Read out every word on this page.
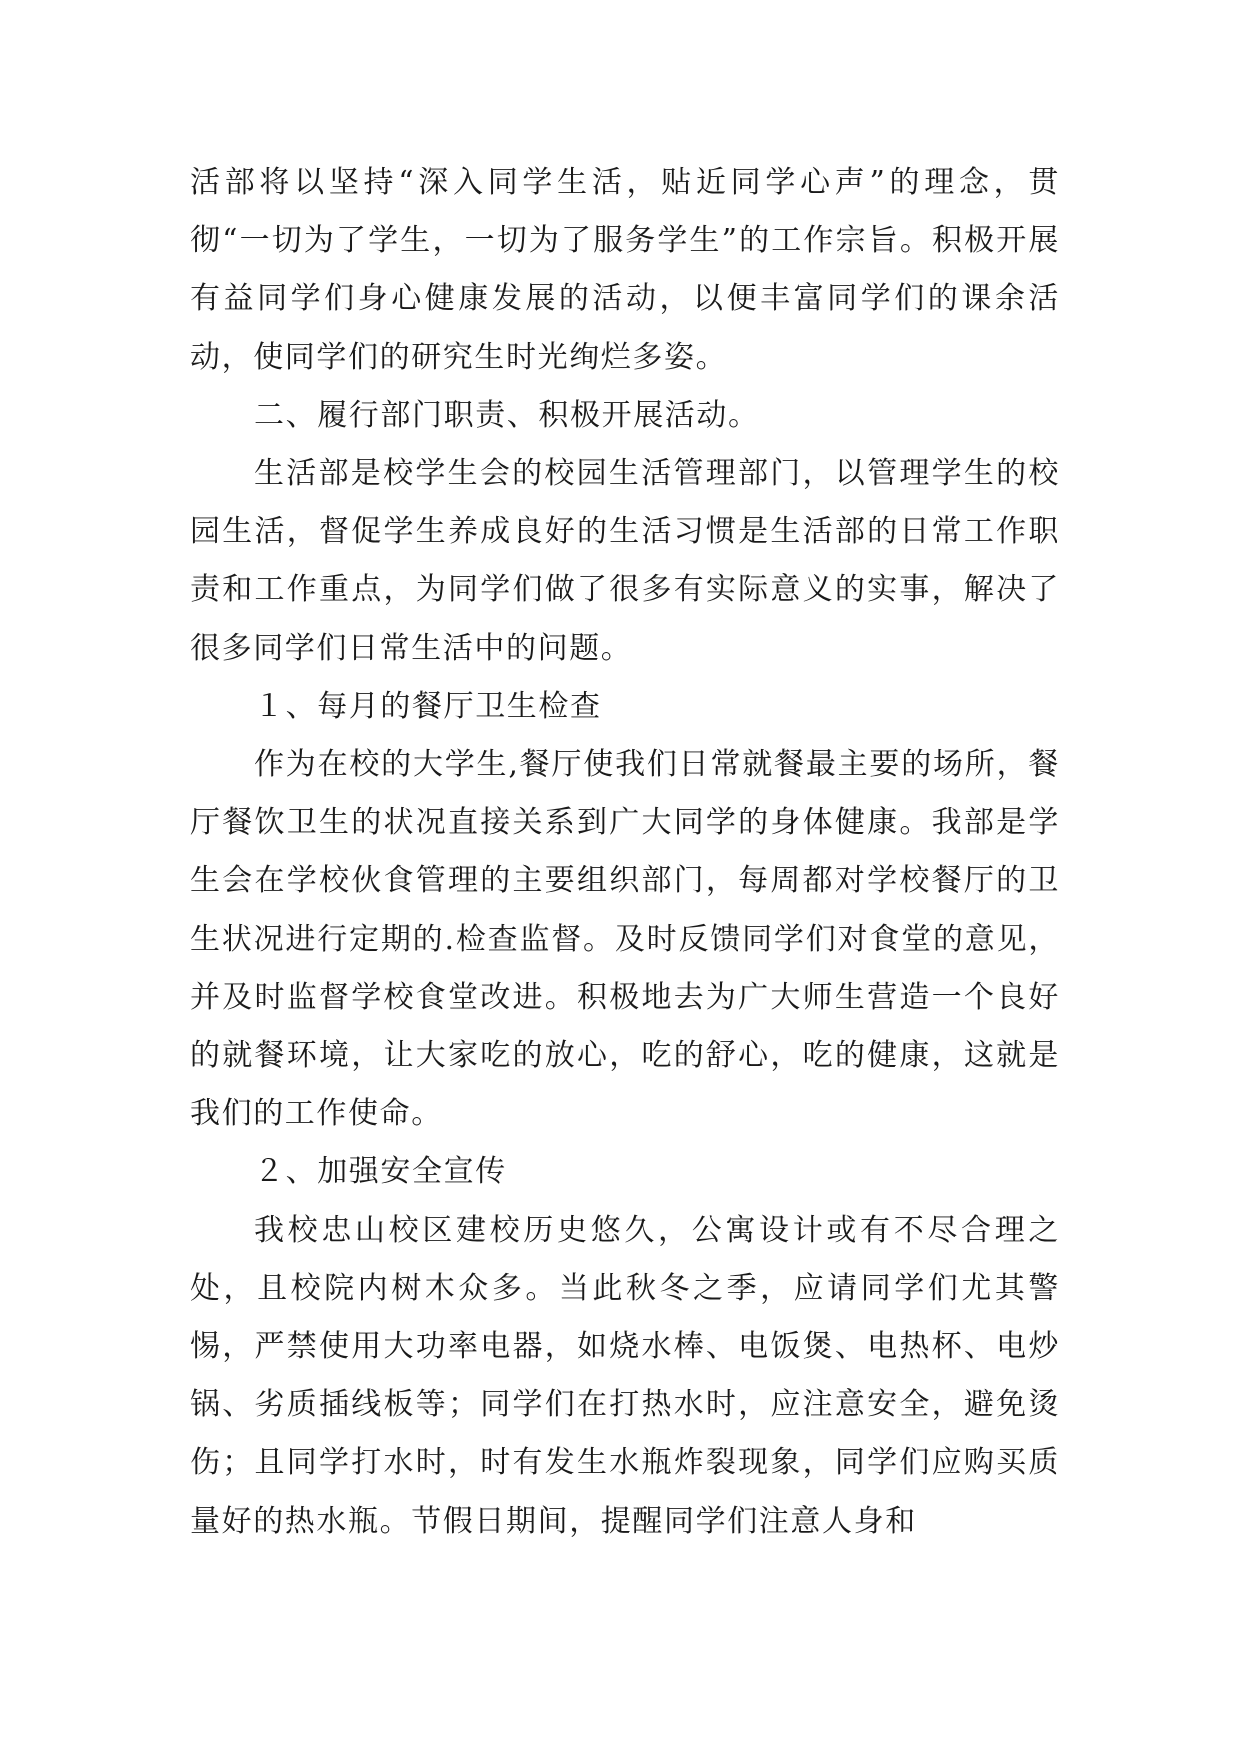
活部将以坚持“深入同学生活，贴近同学心声”的理念，贯彻“一切为了学生，一切为了服务学生”的工作宗旨。积极开展有益同学们身心健康发展的活动，以便丰富同学们的课余活动，使同学们的研究生时光绚烂多姿。

二、履行部门职责、积极开展活动。

生活部是校学生会的校园生活管理部门，以管理学生的校园生活，督促学生养成良好的生活习惯是生活部的日常工作职责和工作重点，为同学们做了很多有实际意义的实事，解决了很多同学们日常生活中的问题。

１、每月的餐厅卫生检查

作为在校的大学生,餐厅使我们日常就餐最主要的场所，餐厅餐饮卫生的状况直接关系到广大同学的身体健康。我部是学生会在学校伙食管理的主要组织部门，每周都对学校餐厅的卫生状况进行定期的.检查监督。及时反馈同学们对食堂的意见，并及时监督学校食堂改进。积极地去为广大师生营造一个良好的就餐环境，让大家吃的放心，吃的舒心，吃的健康，这就是我们的工作使命。

２、加强安全宣传

我校忠山校区建校历史悠久，公寓设计或有不尽合理之处，且校院内树木众多。当此秋冬之季，应请同学们尤其警惕，严禁使用大功率电器，如烧水棒、电饭煲、电热杯、电炒锅、劣质插线板等；同学们在打热水时，应注意安全，避免烫伤；且同学打水时，时有发生水瓶炸裂现象，同学们应购买质量好的热水瓶。节假日期间，提醒同学们注意人身和
